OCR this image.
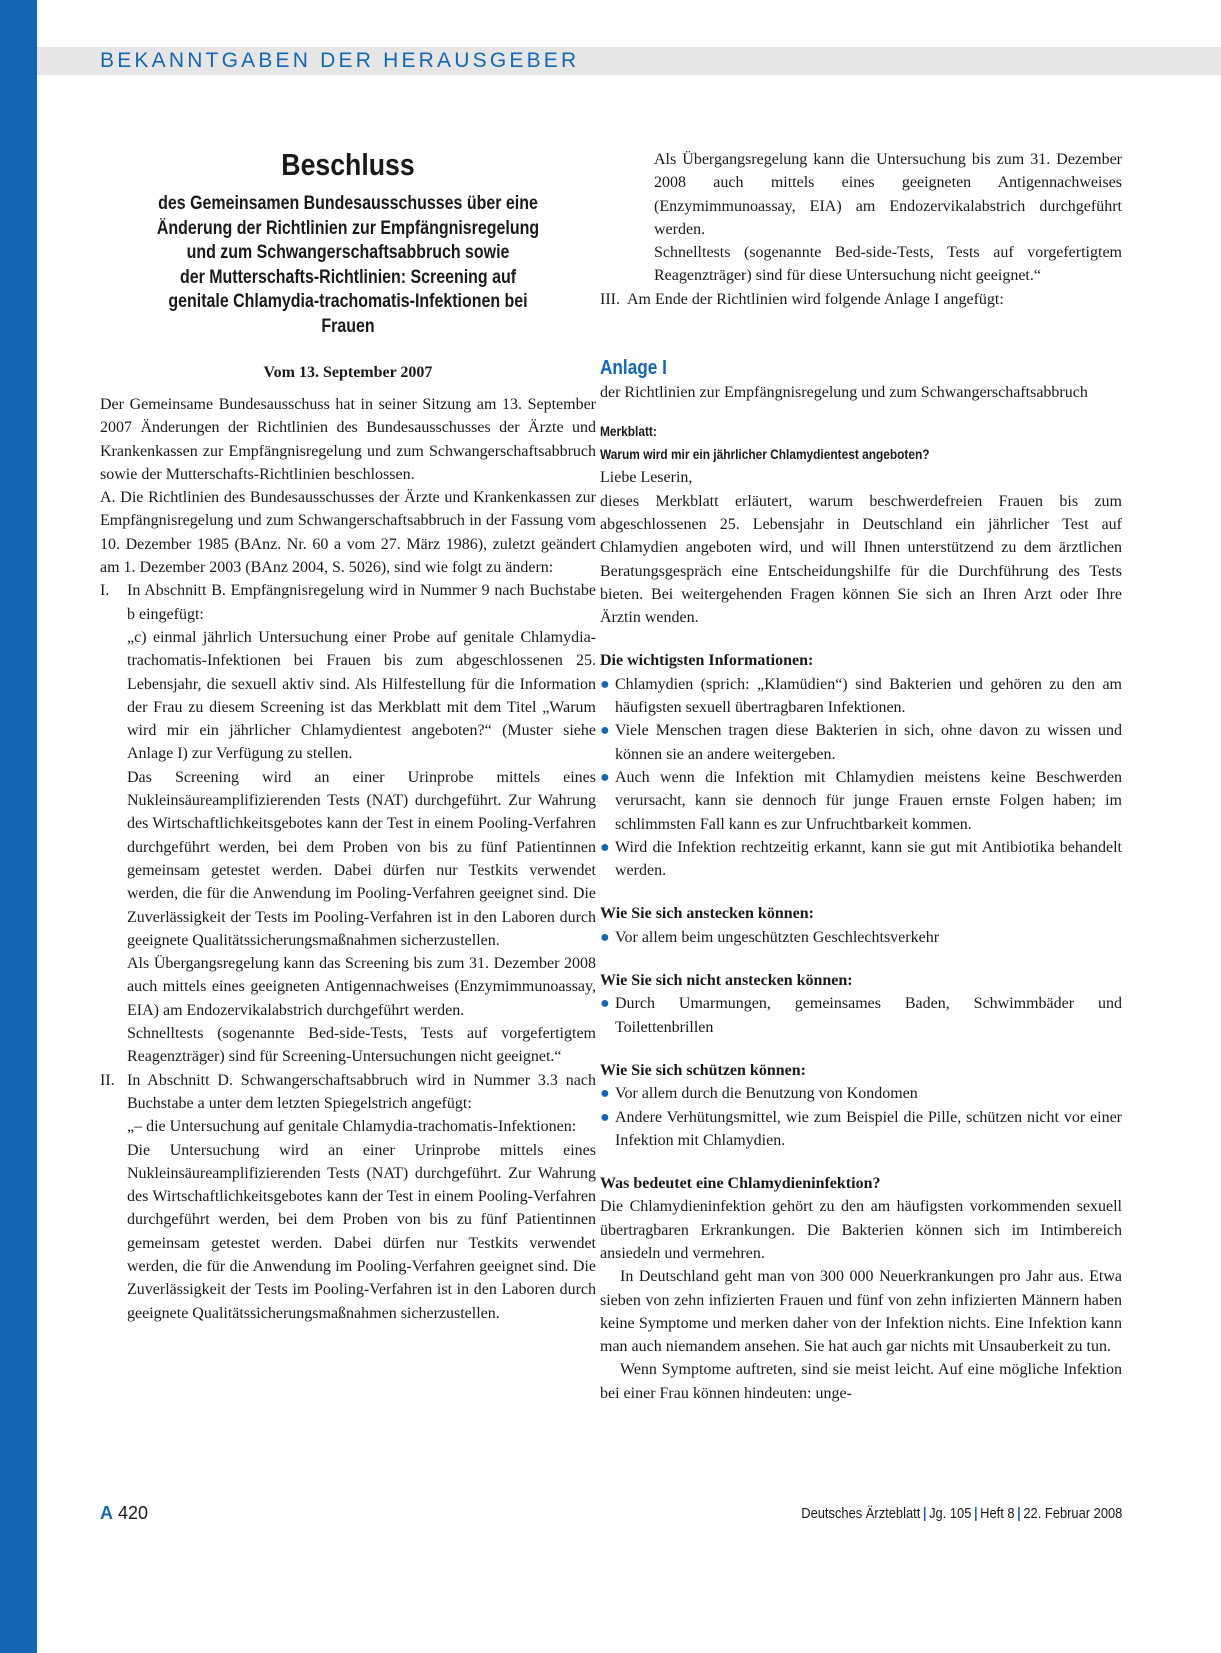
BEKANNTGABEN DER HERAUSGEBER

Beschluss

des Gemeinsamen Bundesausschusses über eine

Änderung der Richtlinien zur Empfängnisregelung

und zum Schwangerschaftsabbruch sowie

der Mutterschafts-Richtlinien: Screening auf

genitale Chlamydia-trachomatis-Infektionen bei Frauen

Vom 13. September 2007

Der Gemeinsame Bundesausschuss hat in seiner Sitzung am 13. September 2007 Änderungen der Richtlinien des Bundesausschusses der Ärzte und Krankenkassen zur Empfängnisregelung und zum Schwangerschaftsabbruch sowie der Mutterschafts-Richtlinien beschlossen.

A. Die Richtlinien des Bundesausschusses der Ärzte und Krankenkassen zur Empfängnisregelung und zum Schwangerschaftsabbruch in der Fassung vom 10. Dezember 1985 (BAnz. Nr. 60 a vom 27. März 1986), zuletzt geändert am 1. Dezember 2003 (BAnz 2004, S. 5026), sind wie folgt zu ändern:

I.	In Abschnitt B. Empfängnisregelung wird in Nummer 9 nach Buchstabe b eingefügt:

„c) einmal jährlich Untersuchung einer Probe auf genitale Chlamydia-trachomatis-Infektionen bei Frauen bis zum abgeschlossenen 25. Lebensjahr, die sexuell aktiv sind. Als Hilfestellung für die Information der Frau zu diesem Screening ist das Merkblatt mit dem Titel „Warum wird mir ein jährlicher Chlamydientest angeboten?“ (Muster siehe Anlage I) zur Verfügung zu stellen.

Das Screening wird an einer Urinprobe mittels eines Nukleinsäureamplifizierenden Tests (NAT) durchgeführt. Zur Wahrung des Wirtschaftlichkeitsgebotes kann der Test in einem Pooling-Verfahren durchgeführt werden, bei dem Proben von bis zu fünf Patientinnen gemeinsam getestet werden. Dabei dürfen nur Testkits verwendet werden, die für die Anwendung im Pooling-Verfahren geeignet sind. Die Zuverlässigkeit der Tests im Pooling-Verfahren ist in den Laboren durch geeignete Qualitätssicherungsmaßnahmen sicherzustellen.

Als Übergangsregelung kann das Screening bis zum 31. Dezember 2008 auch mittels eines geeigneten Antigennachweises (Enzymimmunoassay, EIA) am Endozervikalabstrich durchgeführt werden.

Schnelltests (sogenannte Bed-side-Tests, Tests auf vorgefertigtem Reagenzträger) sind für Screening-Untersuchungen nicht geeignet.“

II. In Abschnitt D. Schwangerschaftsabbruch wird in Nummer 3.3 nach Buchstabe a unter dem letzten Spiegelstrich angefügt:

„– die Untersuchung auf genitale Chlamydia-trachomatis-Infektionen:

Die Untersuchung wird an einer Urinprobe mittels eines Nukleinsäureamplifizierenden Tests (NAT) durchgeführt. Zur Wahrung des Wirtschaftlichkeitsgebotes kann der Test in einem Pooling-Verfahren durchgeführt werden, bei dem Proben von bis zu fünf Patientinnen gemeinsam getestet werden. Dabei dürfen nur Testkits verwendet werden, die für die Anwendung im Pooling-Verfahren geeignet sind. Die Zuverlässigkeit der Tests im Pooling-Verfahren ist in den Laboren durch geeignete Qualitätssicherungsmaßnahmen sicherzustellen.

Als Übergangsregelung kann die Untersuchung bis zum 31. Dezember 2008 auch mittels eines geeigneten Antigennachweises (Enzymimmunoassay, EIA) am Endozervikalabstrich durchgeführt werden.

Schnelltests (sogenannte Bed-side-Tests, Tests auf vorgefertigtem Reagenzträger) sind für diese Untersuchung nicht geeignet.“

III. Am Ende der Richtlinien wird folgende Anlage I angefügt:

Anlage I

der Richtlinien zur Empfängnisregelung und zum Schwangerschaftsabbruch

Merkblatt:

Warum wird mir ein jährlicher Chlamydientest angeboten?

Liebe Leserin,

dieses Merkblatt erläutert, warum beschwerdefreien Frauen bis zum abgeschlossenen 25. Lebensjahr in Deutschland ein jährlicher Test auf Chlamydien angeboten wird, und will Ihnen unterstützend zu dem ärztlichen Beratungsgespräch eine Entscheidungshilfe für die Durchführung des Tests bieten. Bei weitergehenden Fragen können Sie sich an Ihren Arzt oder Ihre Ärztin wenden.

Die wichtigsten Informationen:

● Chlamydien (sprich: „Klamüdien“) sind Bakterien und gehören zu den am häufigsten sexuell übertragbaren Infektionen.
● Viele Menschen tragen diese Bakterien in sich, ohne davon zu wissen und können sie an andere weitergeben.
● Auch wenn die Infektion mit Chlamydien meistens keine Beschwerden verursacht, kann sie dennoch für junge Frauen ernste Folgen haben; im schlimmsten Fall kann es zur Unfruchtbarkeit kommen.
● Wird die Infektion rechtzeitig erkannt, kann sie gut mit Antibiotika behandelt werden.

Wie Sie sich anstecken können:

● Vor allem beim ungeschützten Geschlechtsverkehr

Wie Sie sich nicht anstecken können:

● Durch Umarmungen, gemeinsames Baden, Schwimmbäder und Toilettenbrillen

Wie Sie sich schützen können:

● Vor allem durch die Benutzung von Kondomen
● Andere Verhütungsmittel, wie zum Beispiel die Pille, schützen nicht vor einer Infektion mit Chlamydien.

Was bedeutet eine Chlamydieninfektion?

Die Chlamydieninfektion gehört zu den am häufigsten vorkommenden sexuell übertragbaren Erkrankungen. Die Bakterien können sich im Intimbereich ansiedeln und vermehren.

In Deutschland geht man von 300 000 Neuerkrankungen pro Jahr aus. Etwa sieben von zehn infizierten Frauen und fünf von zehn infizierten Männern haben keine Symptome und merken daher von der Infektion nichts. Eine Infektion kann man auch niemandem ansehen. Sie hat auch gar nichts mit Unsauberkeit zu tun.

Wenn Symptome auftreten, sind sie meist leicht. Auf eine mögliche Infektion bei einer Frau können hindeuten: unge-

A 420	Deutsches Ärzteblatt | Jg. 105 | Heft 8 | 22. Februar 2008
